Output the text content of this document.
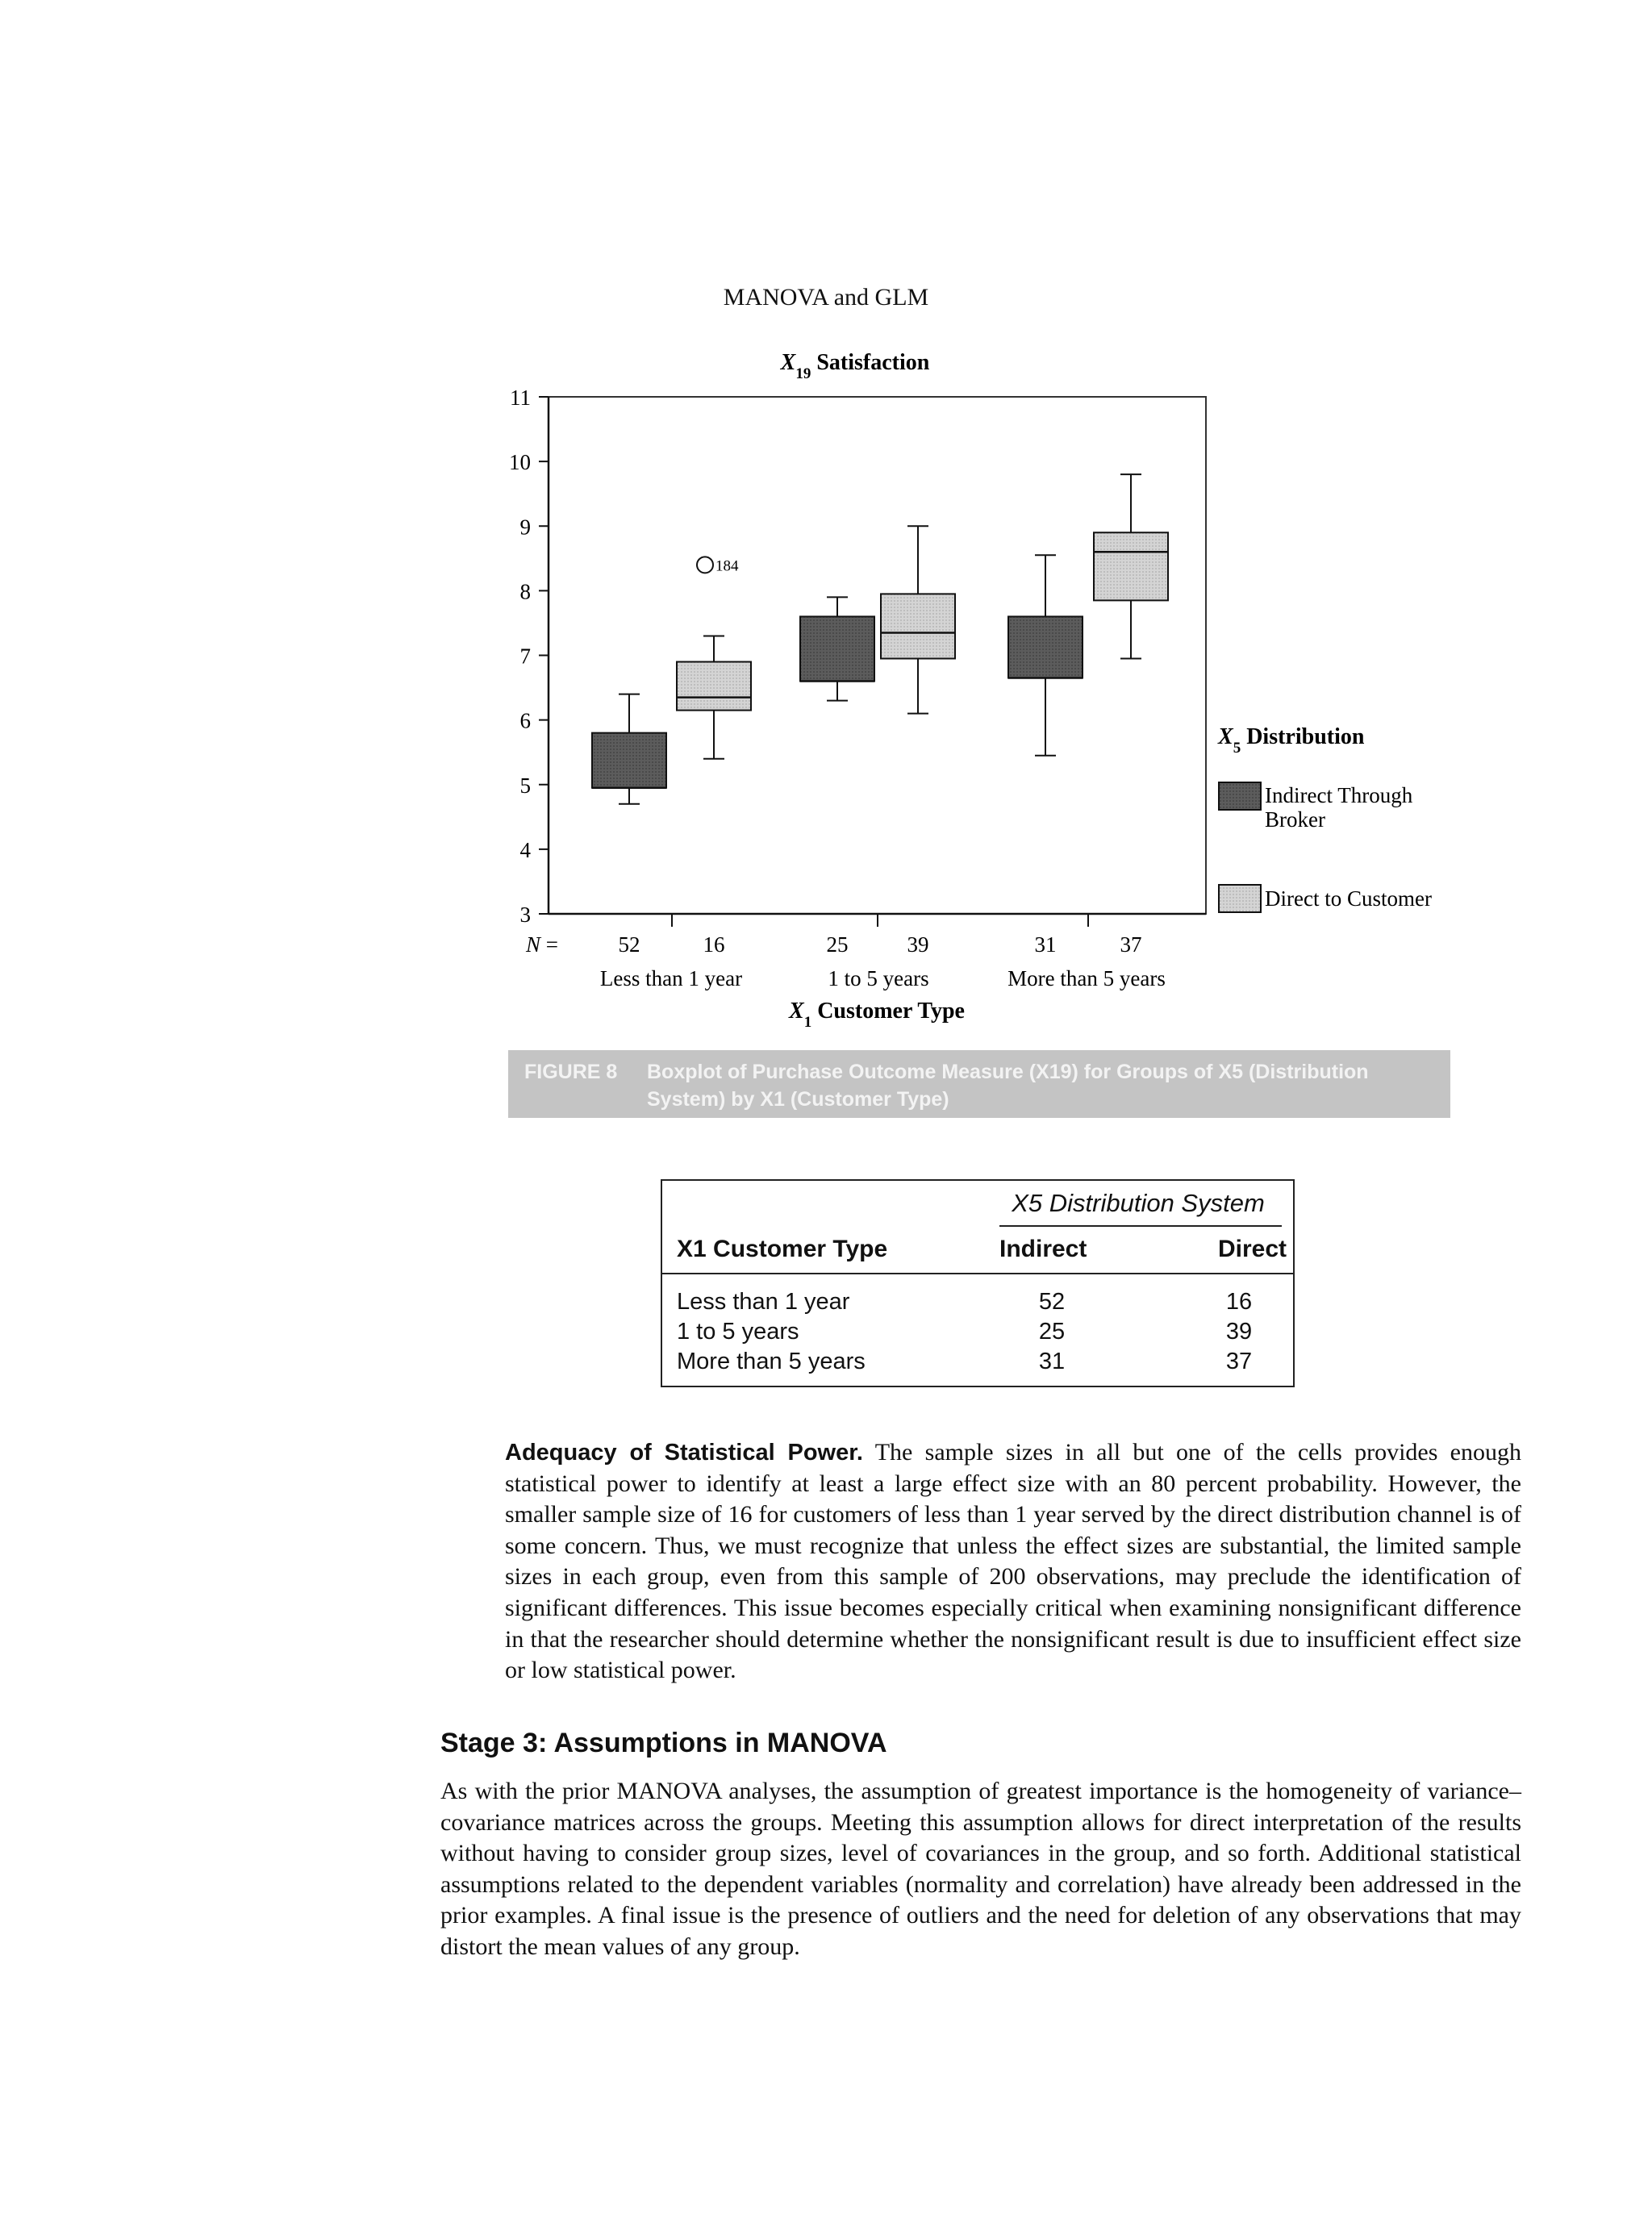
MANOVA and GLM
$X_{19}$ Satisfaction
3
4
5
6
7
8
9
10
11
N =	52	25	31
16	39	37
Less than 1 year	1 to 5 years	More than 5 years
$X_1$ Customer Type
184
$X_5$ Distribution
Indirect Through Broker
Direct to Customer
FIGURE 8 Boxplot of Purchase Outcome Measure (X19) for Groups of X5 (Distribution System) by X1 (Customer Type)
X5 Distribution System
X1 Customer Type	Indirect	Direct
Less than 1 year	52	16
1 to 5 years	25	39
More than 5 years	31	37

Adequacy of Statistical Power. The sample sizes in all but one of the cells provides enough statistical power to identify at least a large effect size with an 80 percent probability. However, the smaller sample size of 16 for customers of less than 1 year served by the direct distribution channel is of some concern. Thus, we must recognize that unless the effect sizes are substantial, the limited sample sizes in each group, even from this sample of 200 observations, may preclude the identification of significant differences. This issue becomes especially critical when examining nonsignificant difference in that the researcher should determine whether the nonsignificant result is due to insufficient effect size or low statistical power.

Stage 3: Assumptions in MANOVA

As with the prior MANOVA analyses, the assumption of greatest importance is the homogeneity of variance–covariance matrices across the groups. Meeting this assumption allows for direct interpretation of the results without having to consider group sizes, level of covariances in the group, and so forth. Additional statistical assumptions related to the dependent variables (normality and correlation) have already been addressed in the prior examples. A final issue is the presence of outliers and the need for deletion of any observations that may distort the mean values of any group.
